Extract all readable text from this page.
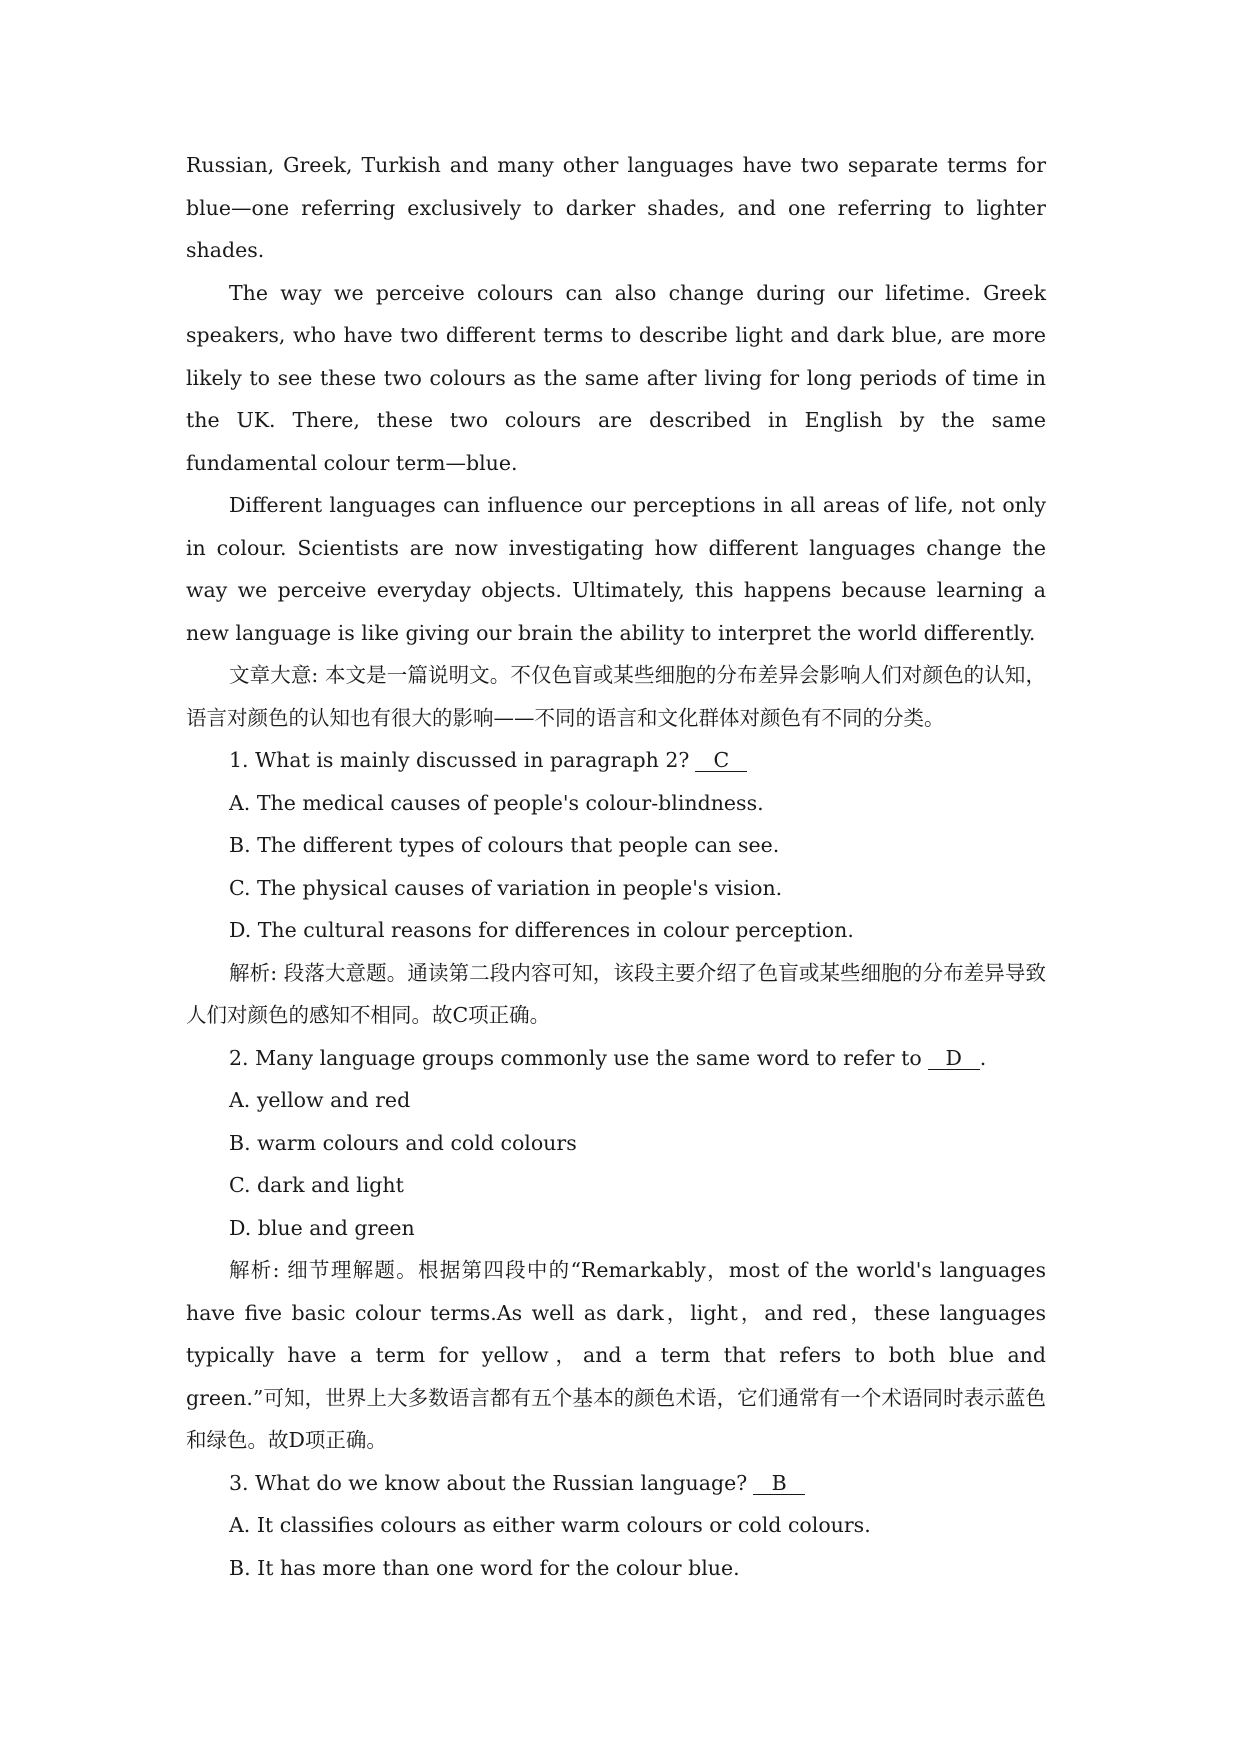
Russian, Greek, Turkish and many other languages have two separate terms for blue—one referring exclusively to darker shades, and one referring to lighter shades.

The way we perceive colours can also change during our lifetime. Greek speakers, who have two different terms to describe light and dark blue, are more likely to see these two colours as the same after living for long periods of time in the UK. There, these two colours are described in English by the same fundamental colour term—blue.

Different languages can influence our perceptions in all areas of life, not only in colour. Scientists are now investigating how different languages change the way we perceive everyday objects. Ultimately, this happens because learning a new language is like giving our brain the ability to interpret the world differently.

文章大意: 本文是一篇说明文。不仅色盲或某些细胞的分布差异会影响人们对颜色的认知，语言对颜色的认知也有很大的影响——不同的语言和文化群体对颜色有不同的分类。

1. What is mainly discussed in paragraph 2? C

A. The medical causes of people's colour-blindness.

B. The different types of colours that people can see.

C. The physical causes of variation in people's vision.

D. The cultural reasons for differences in colour perception.

解析: 段落大意题。通读第二段内容可知，该段主要介绍了色盲或某些细胞的分布差异导致人们对颜色的感知不相同。故C项正确。

2. Many language groups commonly use the same word to refer to D .

A. yellow and red

B. warm colours and cold colours

C. dark and light

D. blue and green

解析: 细节理解题。根据第四段中的“Remarkably，most of the world's languages have five basic colour terms.As well as dark，light，and red，these languages typically have a term for yellow，and a term that refers to both blue and green.”可知，世界上大多数语言都有五个基本的颜色术语，它们通常有一个术语同时表示蓝色和绿色。故D项正确。

3. What do we know about the Russian language? B

A. It classifies colours as either warm colours or cold colours.

B. It has more than one word for the colour blue.
